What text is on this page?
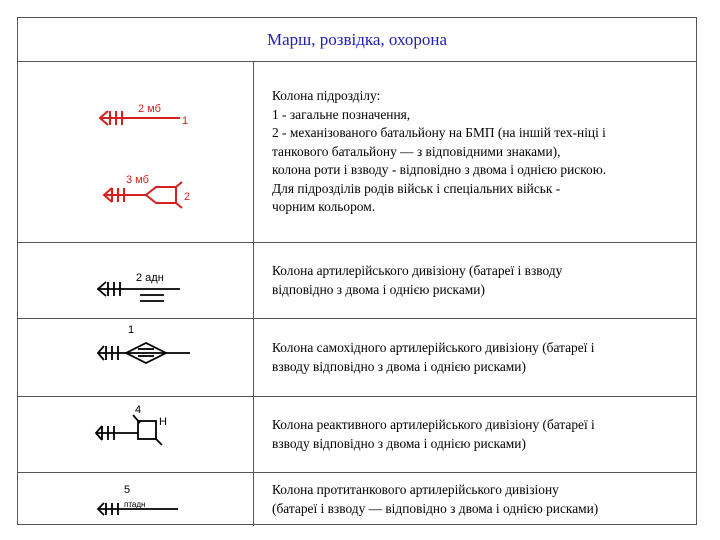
Марш, розвідка, охорона
2 мб
1
3 мб
2
Колона підрозділу:
1 - загальне позначення,
2 - механізованого батальйону на БМП (на іншій тех-ніці і
танкового батальйону — з відповідними знаками),
колона роти і взводу - відповідно з двома і однією рискою.
Для підрозділів родів військ і спеціальних військ -
чорним кольором.
2 адн
Колона артилерійського дивізіону (батареї і взводу
відповідно з двома і однією рисками)
1
Колона самохідного артилерійського дивізіону (батареї і
взводу відповідно з двома і однією рисками)
4
Н	Колона реактивного артилерійського дивізіону (батареї і
взводу відповідно з двома і однією рисками)
5
птадн
Колона протитанкового артилерійського дивізіону
(батареї і взводу — відповідно з двома і однією рисками)
